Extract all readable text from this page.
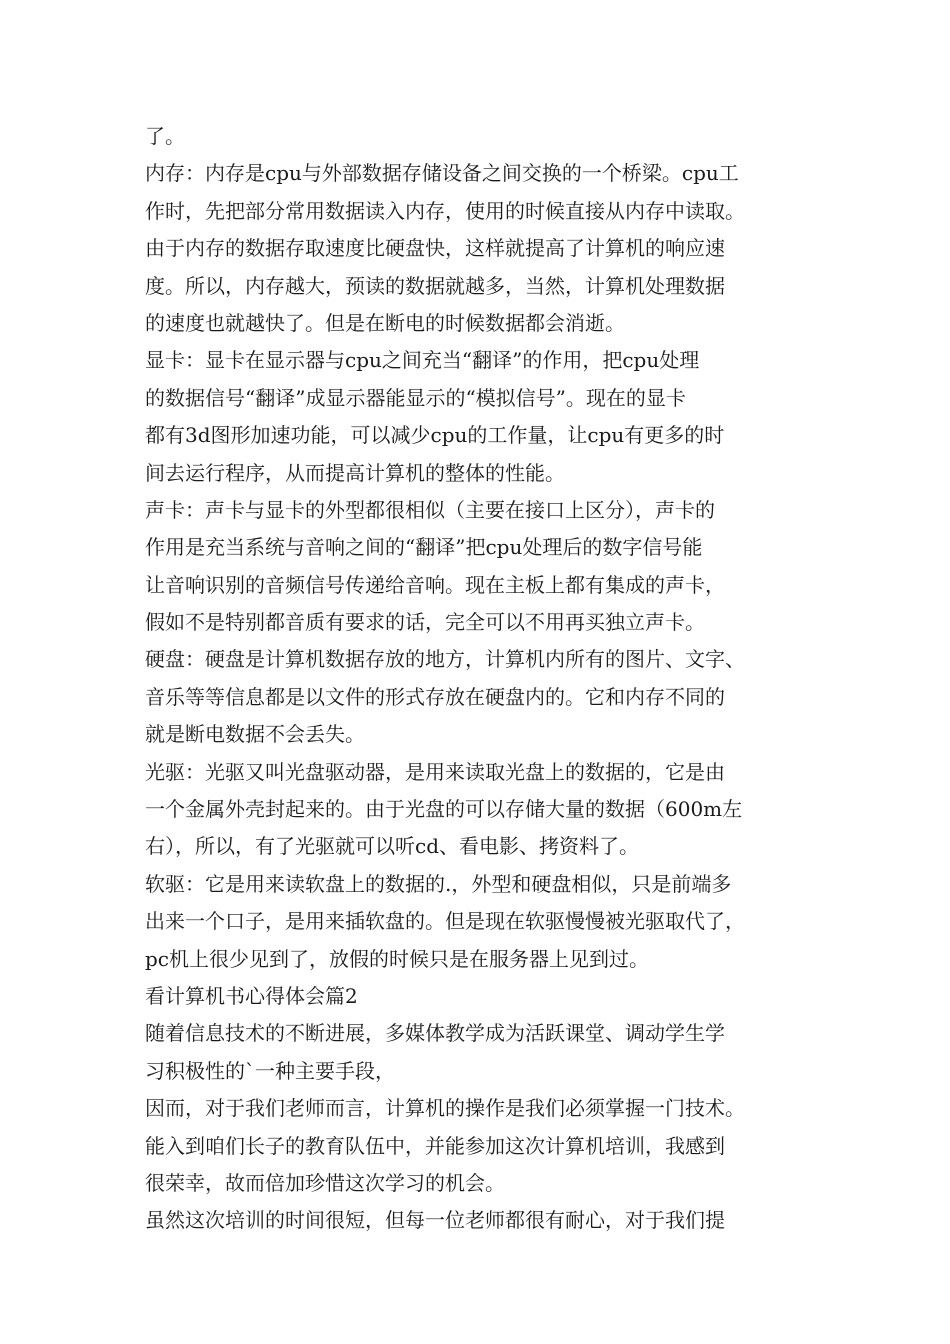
了。
内存：内存是cpu与外部数据存储设备之间交换的一个桥梁。cpu工
作时，先把部分常用数据读入内存，使用的时候直接从内存中读取。
由于内存的数据存取速度比硬盘快，这样就提高了计算机的响应速
度。所以，内存越大，预读的数据就越多，当然，计算机处理数据
的速度也就越快了。但是在断电的时候数据都会消逝。
显卡：显卡在显示器与cpu之间充当“翻译”的作用，把cpu处理
的数据信号“翻译”成显示器能显示的“模拟信号”。现在的显卡
都有3d图形加速功能，可以减少cpu的工作量，让cpu有更多的时
间去运行程序，从而提高计算机的整体的性能。
声卡：声卡与显卡的外型都很相似（主要在接口上区分），声卡的
作用是充当系统与音响之间的“翻译”把cpu处理后的数字信号能
让音响识别的音频信号传递给音响。现在主板上都有集成的声卡，
假如不是特别都音质有要求的话，完全可以不用再买独立声卡。
硬盘：硬盘是计算机数据存放的地方，计算机内所有的图片、文字、
音乐等等信息都是以文件的形式存放在硬盘内的。它和内存不同的
就是断电数据不会丢失。
光驱：光驱又叫光盘驱动器，是用来读取光盘上的数据的，它是由
一个金属外壳封起来的。由于光盘的可以存储大量的数据（600m左
右），所以，有了光驱就可以听cd、看电影、拷资料了。
软驱：它是用来读软盘上的数据的.，外型和硬盘相似，只是前端多
出来一个口子，是用来插软盘的。但是现在软驱慢慢被光驱取代了，
pc机上很少见到了，放假的时候只是在服务器上见到过。
看计算机书心得体会篇2
随着信息技术的不断进展，多媒体教学成为活跃课堂、调动学生学
习积极性的`一种主要手段，
因而，对于我们老师而言，计算机的操作是我们必须掌握一门技术。
能入到咱们长子的教育队伍中，并能参加这次计算机培训，我感到
很荣幸，故而倍加珍惜这次学习的机会。
虽然这次培训的时间很短，但每一位老师都很有耐心，对于我们提
